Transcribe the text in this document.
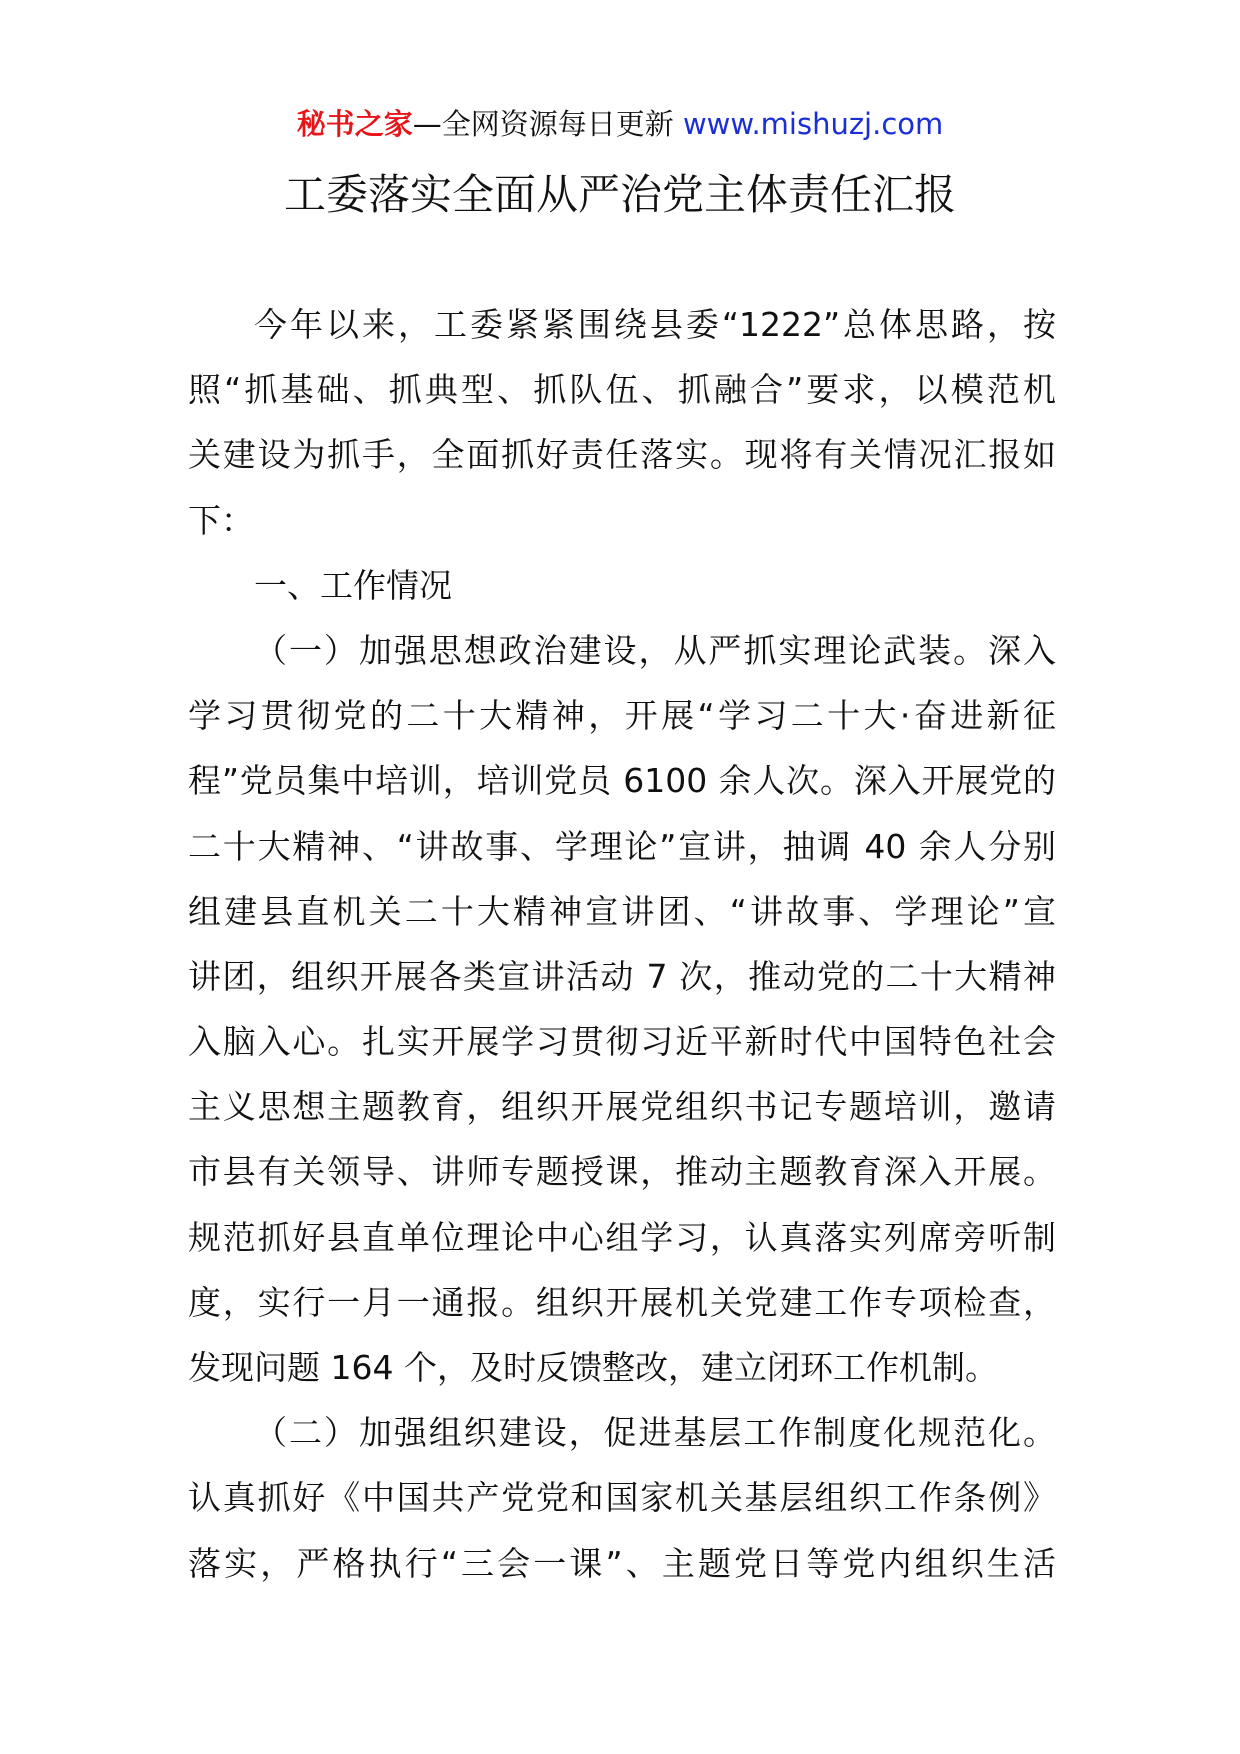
秘书之家—全网资源每日更新 www.mishuzj.com
工委落实全面从严治党主体责任汇报
今年以来，工委紧紧围绕县委“1222”总体思路，按
照“抓基础、抓典型、抓队伍、抓融合”要求，以模范机
关建设为抓手，全面抓好责任落实。现将有关情况汇报如
下：
一、工作情况
（一）加强思想政治建设，从严抓实理论武装。深入
学习贯彻党的二十大精神，开展“学习二十大·奋进新征
程”党员集中培训，培训党员 6100 余人次。深入开展党的
二十大精神、“讲故事、学理论”宣讲，抽调 40 余人分别
组建县直机关二十大精神宣讲团、“讲故事、学理论”宣
讲团，组织开展各类宣讲活动 7 次，推动党的二十大精神
入脑入心。扎实开展学习贯彻习近平新时代中国特色社会
主义思想主题教育，组织开展党组织书记专题培训，邀请
市县有关领导、讲师专题授课，推动主题教育深入开展。
规范抓好县直单位理论中心组学习，认真落实列席旁听制
度，实行一月一通报。组织开展机关党建工作专项检查，
发现问题 164 个，及时反馈整改，建立闭环工作机制。
（二）加强组织建设，促进基层工作制度化规范化。
认真抓好《中国共产党党和国家机关基层组织工作条例》
落实，严格执行“三会一课”、主题党日等党内组织生活
